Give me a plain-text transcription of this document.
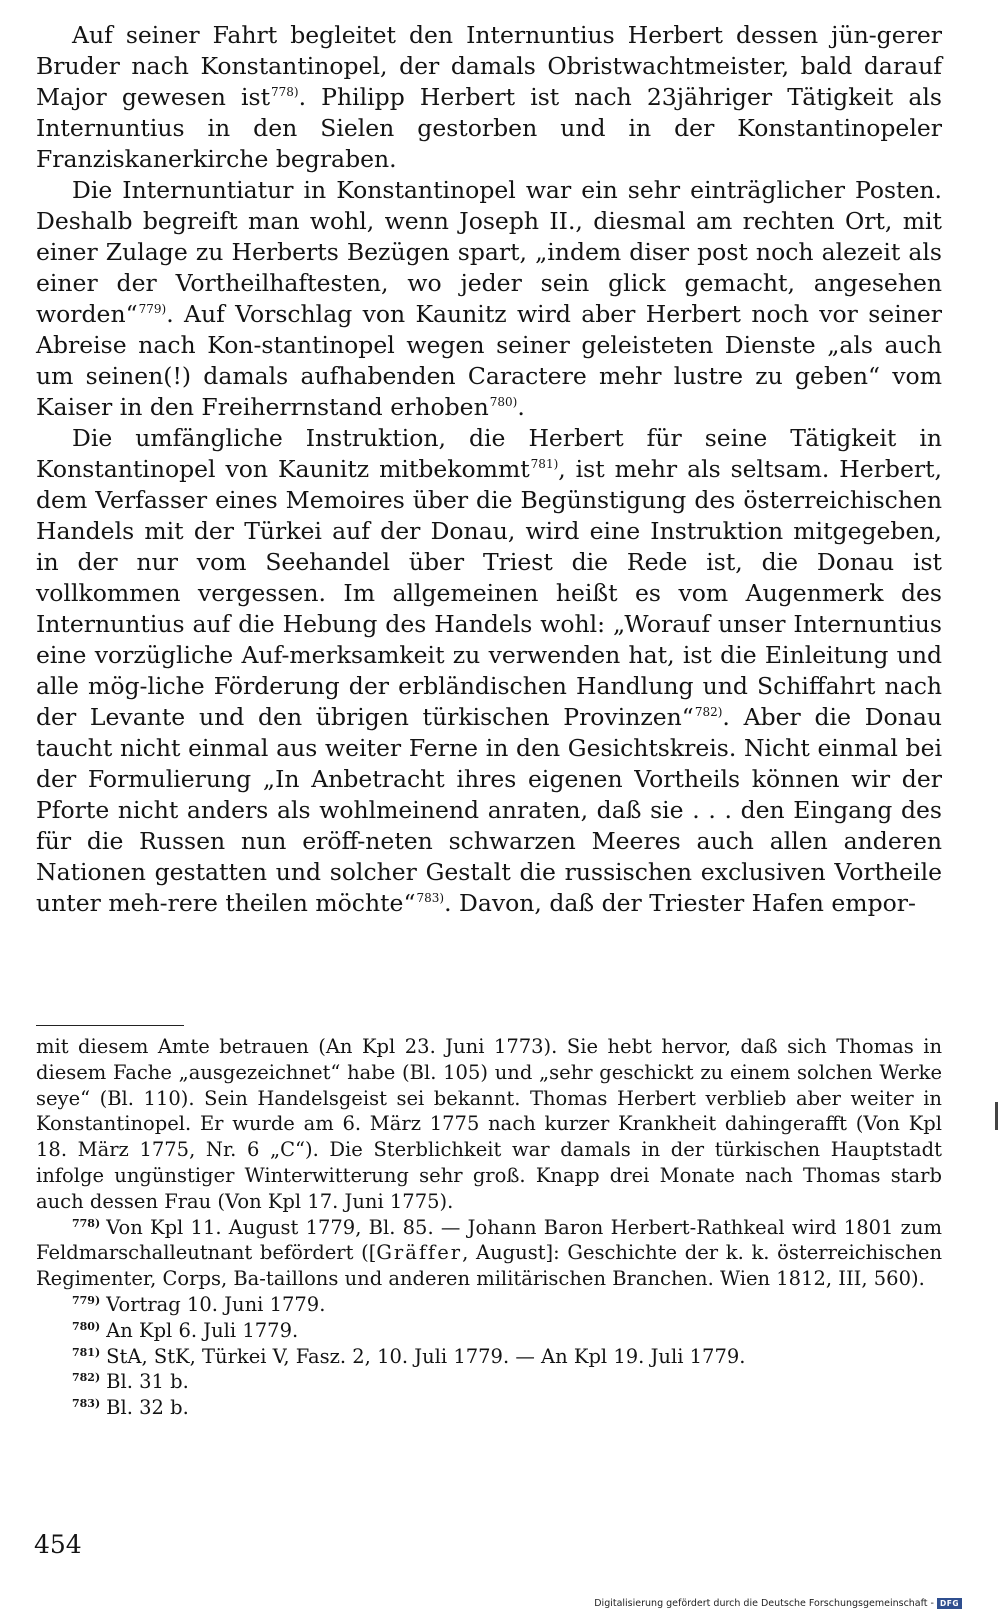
Auf seiner Fahrt begleitet den Internuntius Herbert dessen jün-gerer Bruder nach Konstantinopel, der damals Obristwachtmeister, bald darauf Major gewesen ist$^{778)}$. Philipp Herbert ist nach 23jähriger Tätigkeit als Internuntius in den Sielen gestorben und in der Konstantinopeler Franziskanerkirche begraben.

Die Internuntiatur in Konstantinopel war ein sehr einträglicher Posten. Deshalb begreift man wohl, wenn Joseph II., diesmal am rechten Ort, mit einer Zulage zu Herberts Bezügen spart, „indem diser post noch alezeit als einer der Vortheilhaftesten, wo jeder sein glick gemacht, angesehen worden“$^{779)}$. Auf Vorschlag von Kaunitz wird aber Herbert noch vor seiner Abreise nach Kon-stantinopel wegen seiner geleisteten Dienste „als auch um seinen(!) damals aufhabenden Caractere mehr lustre zu geben“ vom Kaiser in den Freiherrnstand erhoben$^{780)}$.

Die umfängliche Instruktion, die Herbert für seine Tätigkeit in Konstantinopel von Kaunitz mitbekommt$^{781)}$, ist mehr als seltsam. Herbert, dem Verfasser eines Memoires über die Begünstigung des österreichischen Handels mit der Türkei auf der Donau, wird eine Instruktion mitgegeben, in der nur vom Seehandel über Triest die Rede ist, die Donau ist vollkommen vergessen. Im allgemeinen heißt es vom Augenmerk des Internuntius auf die Hebung des Handels wohl: „Worauf unser Internuntius eine vorzügliche Auf-merksamkeit zu verwenden hat, ist die Einleitung und alle mög-liche Förderung der erbländischen Handlung und Schiffahrt nach der Levante und den übrigen türkischen Provinzen“$^{782)}$. Aber die Donau taucht nicht einmal aus weiter Ferne in den Gesichtskreis. Nicht einmal bei der Formulierung „In Anbetracht ihres eigenen Vortheils können wir der Pforte nicht anders als wohlmeinend anraten, daß sie . . . den Eingang des für die Russen nun eröff-neten schwarzen Meeres auch allen anderen Nationen gestatten und solcher Gestalt die russischen exclusiven Vortheile unter meh-rere theilen möchte“$^{783)}$. Davon, daß der Triester Hafen empor-

mit diesem Amte betrauen (An Kpl 23. Juni 1773). Sie hebt hervor, daß sich Thomas in diesem Fache „ausgezeichnet“ habe (Bl. 105) und „sehr geschickt zu einem solchen Werke seye“ (Bl. 110). Sein Handelsgeist sei bekannt. Thomas Herbert verblieb aber weiter in Konstantinopel. Er wurde am 6. März 1775 nach kurzer Krankheit dahingerafft (Von Kpl 18. März 1775, Nr. 6 „C“). Die Sterblichkeit war damals in der türkischen Hauptstadt infolge ungünstiger Winterwitterung sehr groß. Knapp drei Monate nach Thomas starb auch dessen Frau (Von Kpl 17. Juni 1775).

$^{778)}$ Von Kpl 11. August 1779, Bl. 85. — Johann Baron Herbert-Rathkeal wird 1801 zum Feldmarschalleutnant befördert ([Gräffer, August]: Geschichte der k. k. österreichischen Regimenter, Corps, Ba-taillons und anderen militärischen Branchen. Wien 1812, III, 560).

$^{779)}$ Vortrag 10. Juni 1779.

$^{780)}$ An Kpl 6. Juli 1779.

$^{781)}$ StA, StK, Türkei V, Fasz. 2, 10. Juli 1779. — An Kpl 19. Juli 1779.

$^{782)}$ Bl. 31 b.

$^{783)}$ Bl. 32 b.

454
Digitalisierung gefördert durch die Deutsche Forschungsgemeinschaft - DFG
